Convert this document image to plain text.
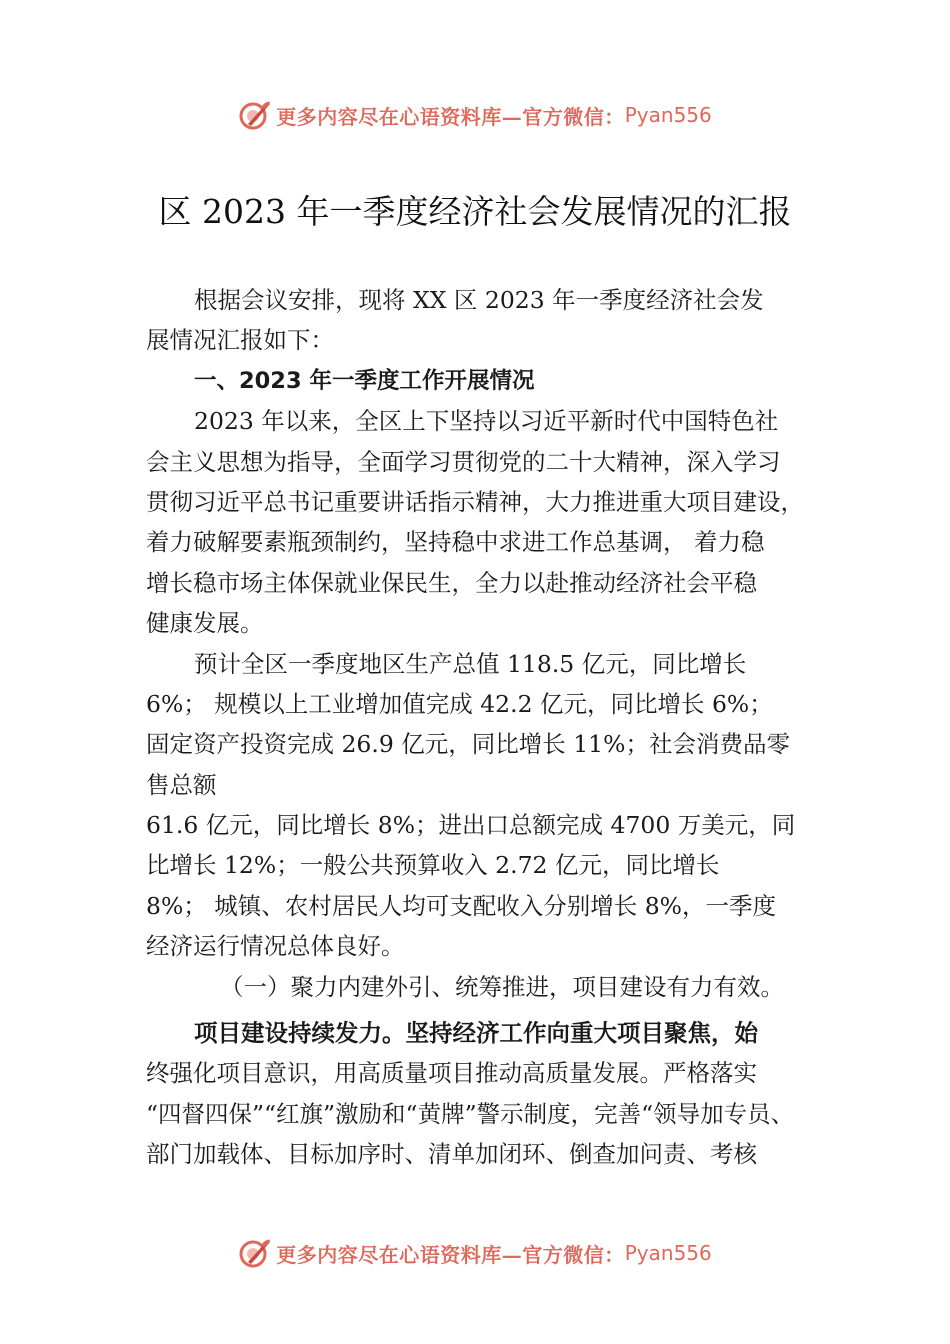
更多内容尽在心语资料库—官方微信： Pyan556
区 2023 年一季度经济社会发展情况的汇报
根据会议安排，现将 XX 区 2023 年一季度经济社会发
展情况汇报如下：
一、2023 年一季度工作开展情况
2023 年以来，全区上下坚持以习近平新时代中国特色社
会主义思想为指导，全面学习贯彻党的二十大精神，深入学习
贯彻习近平总书记重要讲话指示精神，大力推进重大项目建设，
着力破解要素瓶颈制约，坚持稳中求进工作总基调， 着力稳
增长稳市场主体保就业保民生，全力以赴推动经济社会平稳
健康发展。
预计全区一季度地区生产总值 118.5 亿元，同比增长
6%； 规模以上工业增加值完成 42.2 亿元，同比增长 6%；
固定资产投资完成 26.9 亿元，同比增长 11%；社会消费品零
售总额
61.6 亿元，同比增长 8%；进出口总额完成 4700 万美元，同
比增长 12%；一般公共预算收入 2.72 亿元，同比增长
8%； 城镇、农村居民人均可支配收入分别增长 8%，一季度
经济运行情况总体良好。
（一）聚力内建外引、统筹推进，项目建设有力有效。
项目建设持续发力。坚持经济工作向重大项目聚焦，始
终强化项目意识，用高质量项目推动高质量发展。严格落实
“四督四保”“红旗”激励和“黄牌”警示制度，完善“领导加专员、
部门加载体、目标加序时、清单加闭环、倒查加问责、考核
更多内容尽在心语资料库—官方微信： Pyan556
